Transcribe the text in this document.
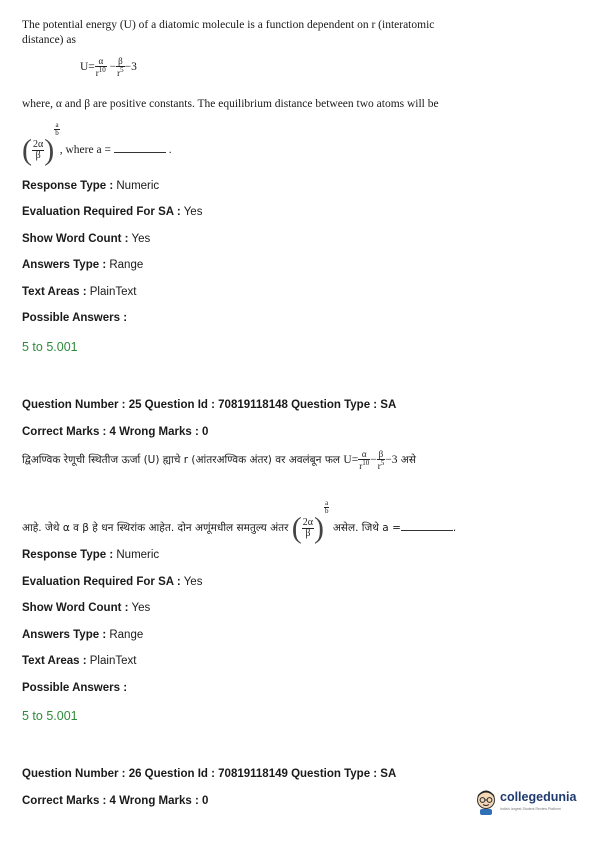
The potential energy (U) of a diatomic molecule is a function dependent on r (interatomic
distance) as
$U= \frac{\alpha}{r^{10}} - \frac{\beta}{r^5} -3$
where, α and β are positive constants. The equilibrium distance between two atoms will be
( $\frac{2\alpha}{\beta}$ )
$^{\frac{a}{b}}$
, where a =	.
Response Type : Numeric
Evaluation Required For SA : Yes
Show Word Count : Yes
Answers Type : Range
Text Areas : PlainText
Possible Answers :
5 to 5.001
Question Number : 25 Question Id : 70819118148 Question Type : SA
Correct Marks : 4 Wrong Marks : 0
द्विअण्विक रेणूची स्थितीज ऊर्जा (U) ह्याचे r (आंतरअण्विक अंतर) वर अवलंबून फल $U= \frac{\alpha}{r^{10}} - \frac{\beta}{r^5} -3$ असे
आहे. जेथे α व β हे धन स्थिरांक आहेत. दोन अणूंमधील समतुल्य अंतर ( $\frac{2\alpha}{\beta}$ )
$^{\frac{a}{b}}$
असेल. जिथे a =	.
Response Type : Numeric
Evaluation Required For SA : Yes
Show Word Count : Yes
Answers Type : Range
Text Areas : PlainText
Possible Answers :
5 to 5.001
Question Number : 26 Question Id : 70819118149 Question Type : SA
Correct Marks : 4 Wrong Marks : 0	collegedunia
India's largest Student Review Platform
